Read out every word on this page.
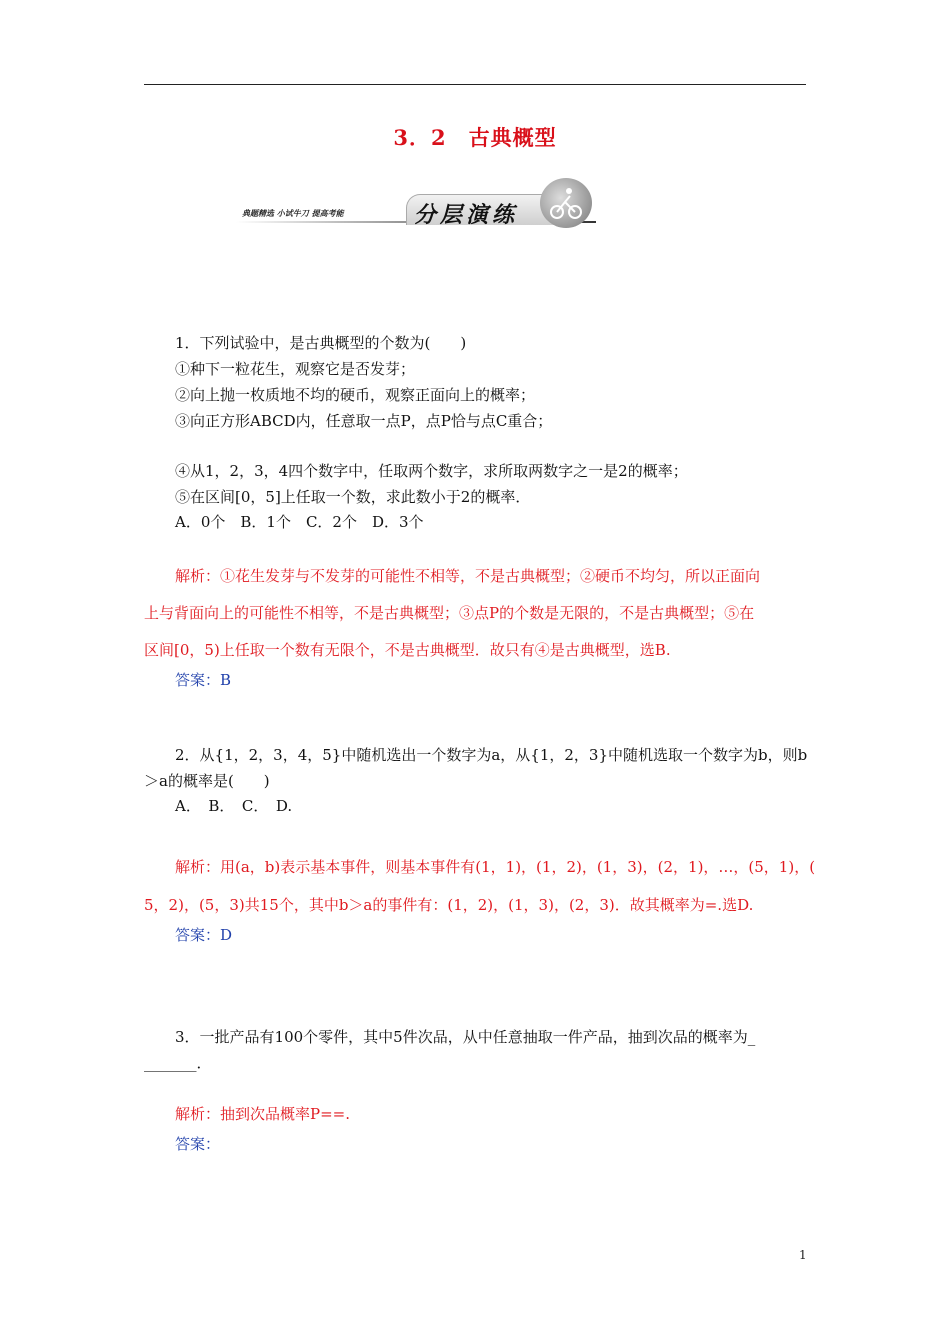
3．2　古典概型
典题精选 小试牛刀 提高考能	分层演练
1．下列试验中，是古典概型的个数为(　　)
①种下一粒花生，观察它是否发芽；
②向上抛一枚质地不均的硬币，观察正面向上的概率；
③向正方形ABCD内，任意取一点P，点P恰与点C重合；
④从1，2，3，4四个数字中，任取两个数字，求所取两数字之一是2的概率；
⑤在区间[0，5]上任取一个数，求此数小于2的概率．
A．0个　B．1个　C．2个　D．3个
解析：①花生发芽与不发芽的可能性不相等，不是古典概型；②硬币不均匀，所以正面向
上与背面向上的可能性不相等，不是古典概型；③点P的个数是无限的，不是古典概型；⑤在
区间[0，5)上任取一个数有无限个，不是古典概型．故只有④是古典概型，选B.
答案：B
2．从{1，2，3，4，5}中随机选出一个数字为a，从{1，2，3}中随机选取一个数字为b，则b
＞a的概率是(　　)
A．　B．　C．　D.
解析：用(a，b)表示基本事件，则基本事件有(1，1)，(1，2)，(1，3)，(2，1)，…，(5，1)，(
5，2)，(5，3)共15个，其中b＞a的事件有：(1，2)，(1，3)，(2，3)．故其概率为=.选D.
答案：D
3．一批产品有100个零件，其中5件次品，从中任意抽取一件产品，抽到次品的概率为_
_______．
解析：抽到次品概率P==.
答案：
1
